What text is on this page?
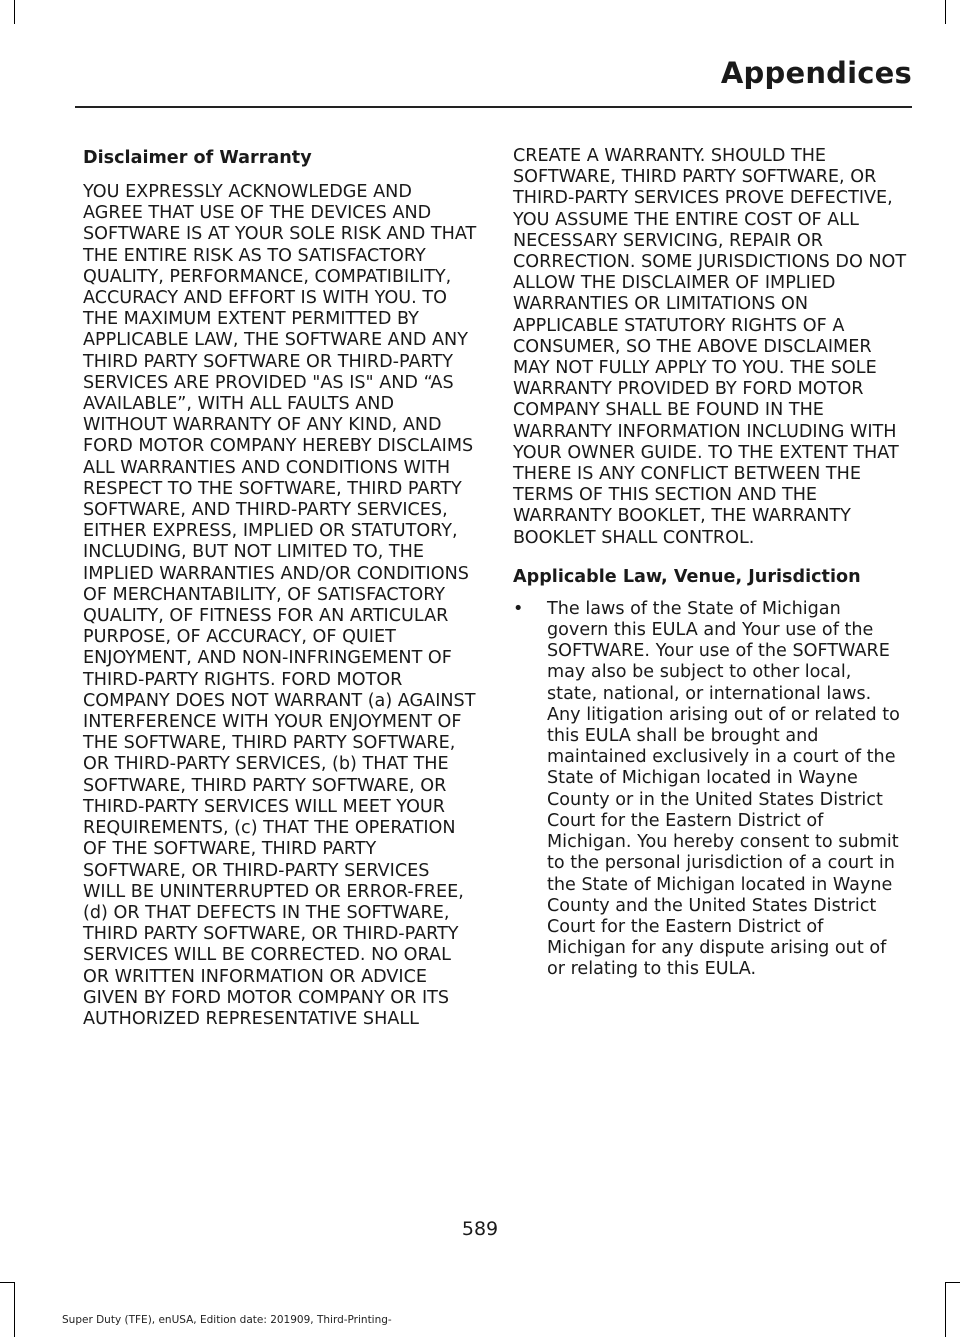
Appendices
Disclaimer of Warranty

YOU EXPRESSLY ACKNOWLEDGE AND AGREE THAT USE OF THE DEVICES AND SOFTWARE IS AT YOUR SOLE RISK AND THAT THE ENTIRE RISK AS TO SATISFACTORY QUALITY, PERFORMANCE, COMPATIBILITY, ACCURACY AND EFFORT IS WITH YOU. TO THE MAXIMUM EXTENT PERMITTED BY APPLICABLE LAW, THE SOFTWARE AND ANY THIRD PARTY SOFTWARE OR THIRD-PARTY SERVICES ARE PROVIDED "AS IS" AND “AS AVAILABLE”, WITH ALL FAULTS AND WITHOUT WARRANTY OF ANY KIND, AND FORD MOTOR COMPANY HEREBY DISCLAIMS ALL WARRANTIES AND CONDITIONS WITH RESPECT TO THE SOFTWARE, THIRD PARTY SOFTWARE, AND THIRD-PARTY SERVICES, EITHER EXPRESS, IMPLIED OR STATUTORY, INCLUDING, BUT NOT LIMITED TO, THE IMPLIED WARRANTIES AND/OR CONDITIONS OF MERCHANTABILITY, OF SATISFACTORY QUALITY, OF FITNESS FOR AN ARTICULAR PURPOSE, OF ACCURACY, OF QUIET ENJOYMENT, AND NON-INFRINGEMENT OF THIRD-PARTY RIGHTS. FORD MOTOR COMPANY DOES NOT WARRANT (a) AGAINST INTERFERENCE WITH YOUR ENJOYMENT OF THE SOFTWARE, THIRD PARTY SOFTWARE, OR THIRD-PARTY SERVICES, (b) THAT THE SOFTWARE, THIRD PARTY SOFTWARE, OR THIRD-PARTY SERVICES WILL MEET YOUR REQUIREMENTS, (c) THAT THE OPERATION OF THE SOFTWARE, THIRD PARTY SOFTWARE, OR THIRD-PARTY SERVICES WILL BE UNINTERRUPTED OR ERROR-FREE, (d) OR THAT DEFECTS IN THE SOFTWARE, THIRD PARTY SOFTWARE, OR THIRD-PARTY SERVICES WILL BE CORRECTED. NO ORAL OR WRITTEN INFORMATION OR ADVICE GIVEN BY FORD MOTOR COMPANY OR ITS AUTHORIZED REPRESENTATIVE SHALL

CREATE A WARRANTY. SHOULD THE SOFTWARE, THIRD PARTY SOFTWARE, OR THIRD-PARTY SERVICES PROVE DEFECTIVE, YOU ASSUME THE ENTIRE COST OF ALL NECESSARY SERVICING, REPAIR OR CORRECTION. SOME JURISDICTIONS DO NOT ALLOW THE DISCLAIMER OF IMPLIED WARRANTIES OR LIMITATIONS ON APPLICABLE STATUTORY RIGHTS OF A CONSUMER, SO THE ABOVE DISCLAIMER MAY NOT FULLY APPLY TO YOU. THE SOLE WARRANTY PROVIDED BY FORD MOTOR COMPANY SHALL BE FOUND IN THE WARRANTY INFORMATION INCLUDING WITH YOUR OWNER GUIDE. TO THE EXTENT THAT THERE IS ANY CONFLICT BETWEEN THE TERMS OF THIS SECTION AND THE WARRANTY BOOKLET, THE WARRANTY BOOKLET SHALL CONTROL.

Applicable Law, Venue, Jurisdiction
• The laws of the State of Michigan govern this EULA and Your use of the SOFTWARE. Your use of the SOFTWARE may also be subject to other local, state, national, or international laws. Any litigation arising out of or related to this EULA shall be brought and maintained exclusively in a court of the State of Michigan located in Wayne County or in the United States District Court for the Eastern District of Michigan. You hereby consent to submit to the personal jurisdiction of a court in the State of Michigan located in Wayne County and the United States District Court for the Eastern District of Michigan for any dispute arising out of or relating to this EULA.
589
Super Duty (TFE), enUSA, Edition date: 201909, Third-Printing-
